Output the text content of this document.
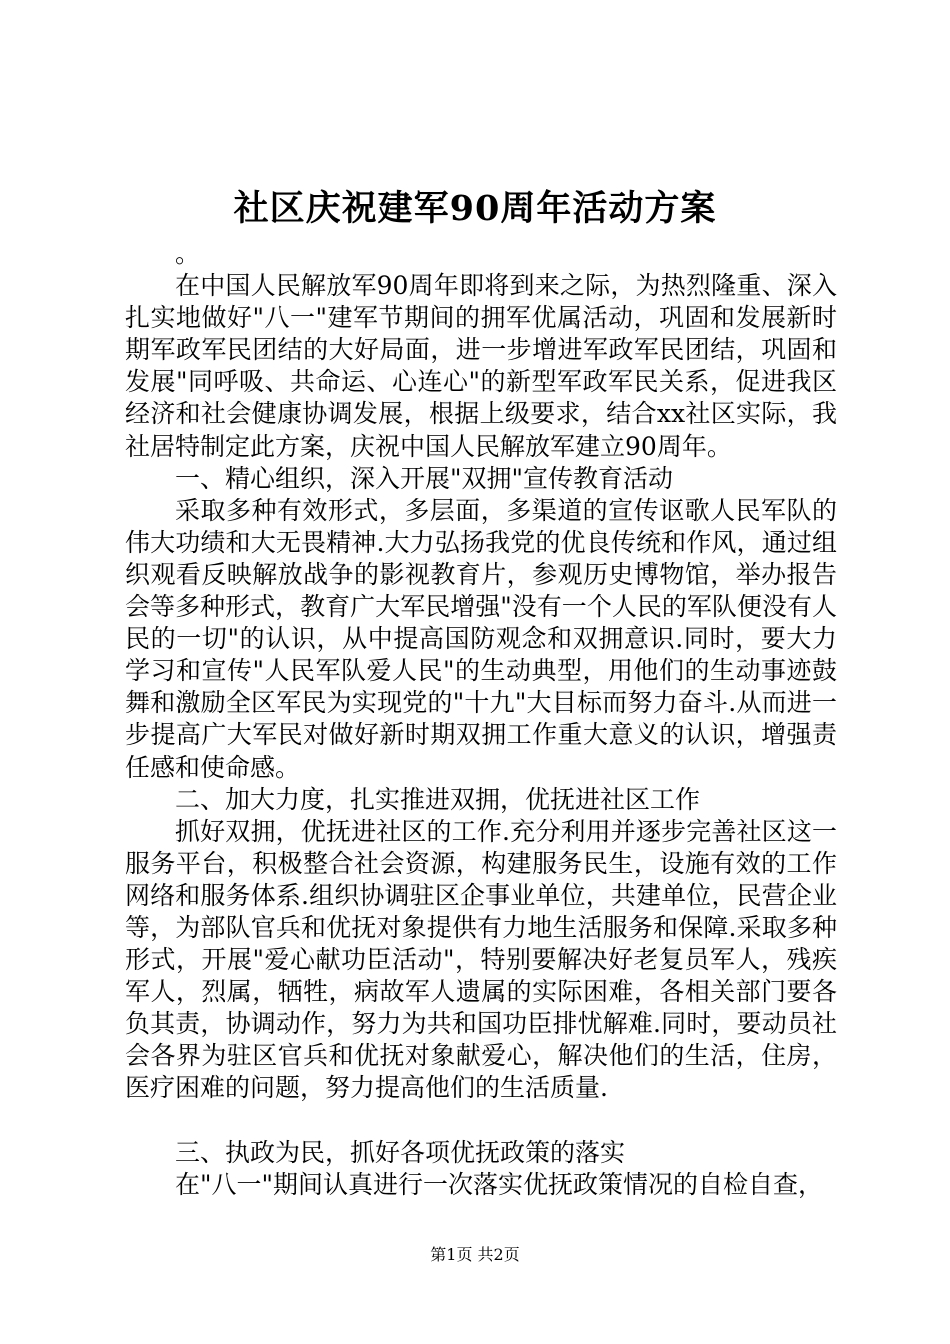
社区庆祝建军90周年活动方案

。

在中国人民解放军90周年即将到来之际，为热烈隆重、深入扎实地做好"八一"建军节期间的拥军优属活动，巩固和发展新时期军政军民团结的大好局面，进一步增进军政军民团结，巩固和发展"同呼吸、共命运、心连心"的新型军政军民关系，促进我区经济和社会健康协调发展，根据上级要求，结合xx社区实际，我社居特制定此方案，庆祝中国人民解放军建立90周年。

一、精心组织，深入开展"双拥"宣传教育活动

采取多种有效形式，多层面，多渠道的宣传讴歌人民军队的伟大功绩和大无畏精神.大力弘扬我党的优良传统和作风，通过组织观看反映解放战争的影视教育片，参观历史博物馆，举办报告会等多种形式，教育广大军民增强"没有一个人民的军队便没有人民的一切"的认识，从中提高国防观念和双拥意识.同时，要大力学习和宣传"人民军队爱人民"的生动典型，用他们的生动事迹鼓舞和激励全区军民为实现党的"十九"大目标而努力奋斗.从而进一步提高广大军民对做好新时期双拥工作重大意义的认识，增强责任感和使命感。

二、加大力度，扎实推进双拥，优抚进社区工作

抓好双拥，优抚进社区的工作.充分利用并逐步完善社区这一服务平台，积极整合社会资源，构建服务民生，设施有效的工作网络和服务体系.组织协调驻区企事业单位，共建单位，民营企业等，为部队官兵和优抚对象提供有力地生活服务和保障.采取多种形式，开展"爱心献功臣活动"，特别要解决好老复员军人，残疾军人，烈属，牺牲，病故军人遗属的实际困难，各相关部门要各负其责，协调动作，努力为共和国功臣排忧解难.同时，要动员社会各界为驻区官兵和优抚对象献爱心，解决他们的生活，住房，医疗困难的问题，努力提高他们的生活质量.

三、执政为民，抓好各项优抚政策的落实

在"八一"期间认真进行一次落实优抚政策情况的自检自查，

第1页 共2页
